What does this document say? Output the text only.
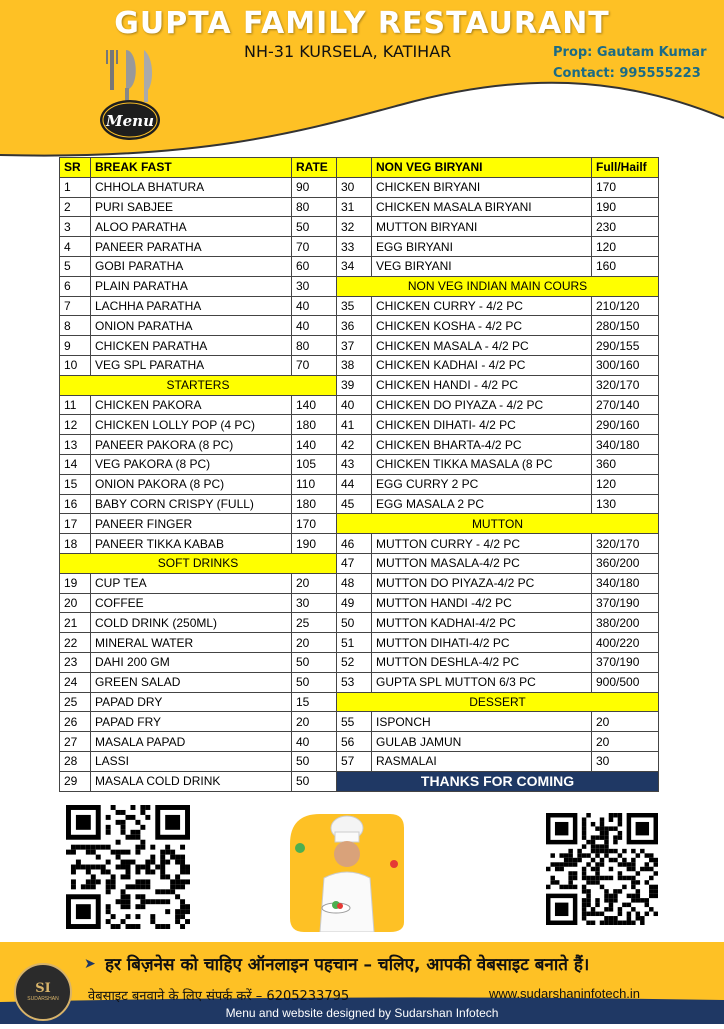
GUPTA FAMILY RESTAURANT
NH-31 KURSELA, KATIHAR	Prop: Gautam Kumar
Contact: 995555223
Menu
SR	BREAK FAST	RATE		NON VEG BIRYANI	Full/Hailf
1	CHHOLA BHATURA	90	30	CHICKEN BIRYANI	170
2	PURI SABJEE	80	31	CHICKEN MASALA BIRYANI	190
3	ALOO PARATHA	50	32	MUTTON BIRYANI	230
4	PANEER PARATHA	70	33	EGG BIRYANI	120
5	GOBI PARATHA	60	34	VEG BIRYANI	160
6	PLAIN PARATHA	30	NON VEG INDIAN MAIN COURS		
7	LACHHA PARATHA	40	35	CHICKEN CURRY - 4/2 PC	210/120
8	ONION PARATHA	40	36	CHICKEN KOSHA - 4/2 PC	280/150
9	CHICKEN PARATHA	80	37	CHICKEN MASALA - 4/2 PC	290/155
10	VEG SPL PARATHA	70	38	CHICKEN KADHAI - 4/2 PC	300/160
STARTERS			39	CHICKEN HANDI - 4/2 PC	320/170
11	CHICKEN PAKORA	140	40	CHICKEN DO PIYAZA - 4/2 PC	270/140
12	CHICKEN LOLLY POP (4 PC)	180	41	CHICKEN DIHATI- 4/2 PC	290/160
13	PANEER PAKORA (8 PC)	140	42	CHICKEN BHARTA-4/2 PC	340/180
14	VEG PAKORA (8 PC)	105	43	CHICKEN TIKKA MASALA (8 PC	360
15	ONION PAKORA (8 PC)	110	44	EGG CURRY 2 PC	120
16	BABY CORN CRISPY (FULL)	180	45	EGG MASALA 2 PC	130
17	PANEER FINGER	170	MUTTON		
18	PANEER TIKKA KABAB	190	46	MUTTON CURRY - 4/2 PC	320/170
SOFT DRINKS			47	MUTTON MASALA-4/2 PC	360/200
19	CUP TEA	20	48	MUTTON DO PIYAZA-4/2 PC	340/180
20	COFFEE	30	49	MUTTON HANDI -4/2 PC	370/190
21	COLD DRINK (250ML)	25	50	MUTTON KADHAI-4/2 PC	380/200
22	MINERAL WATER	20	51	MUTTON DIHATI-4/2 PC	400/220
23	DAHI 200 GM	50	52	MUTTON DESHLA-4/2 PC	370/190
24	GREEN SALAD	50	53	GUPTA SPL MUTTON 6/3 PC	900/500
25	PAPAD DRY	15	DESSERT		
26	PAPAD FRY	20	55	ISPONCH	20
27	MASALA PAPAD	40	56	GULAB JAMUN	20
28	LASSI	50	57	RASMALAI	30
29	MASALA COLD DRINK	50	THANKS FOR COMING		
SI
SUDARSHAN
➤ हर बिज़नेस को चाहिए ऑनलाइन पहचान – चलिए, आपकी वेबसाइट बनाते हैं।
वेबसाइट बनवाने के लिए संपर्क करें – 6205233795	www.sudarshaninfotech.in
Menu and website designed by Sudarshan Infotech
